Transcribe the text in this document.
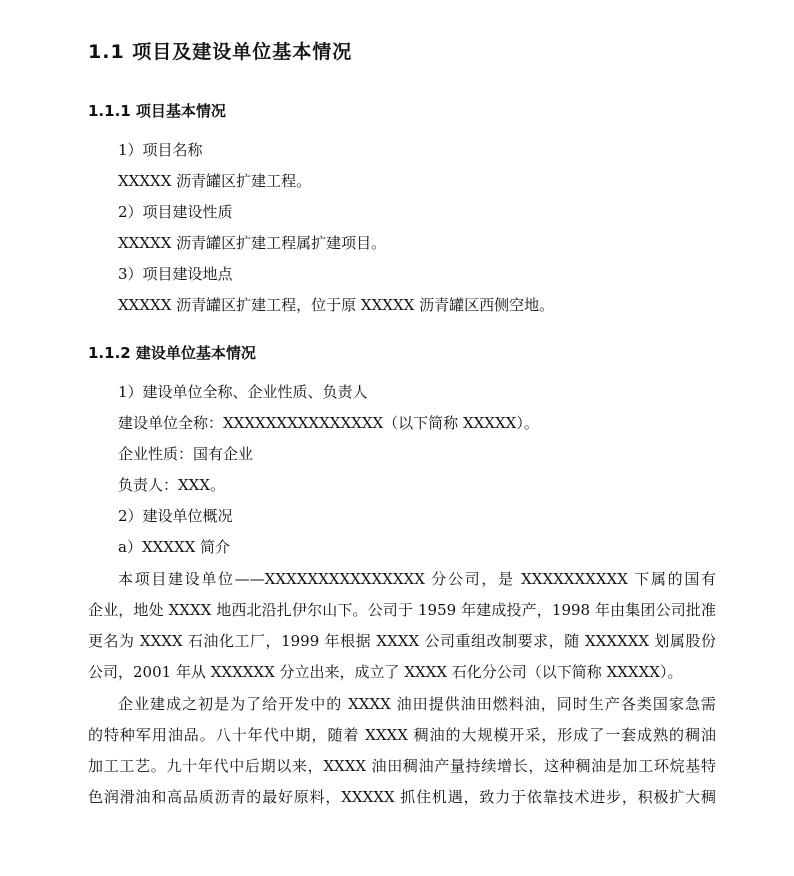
1.1 项目及建设单位基本情况
1.1.1 项目基本情况
1）项目名称
XXXXX 沥青罐区扩建工程。
2）项目建设性质
XXXXX 沥青罐区扩建工程属扩建项目。
3）项目建设地点
XXXXX 沥青罐区扩建工程，位于原 XXXXX 沥青罐区西侧空地。
1.1.2 建设单位基本情况
1）建设单位全称、企业性质、负责人
建设单位全称：XXXXXXXXXXXXXXX（以下简称 XXXXX）。
企业性质：国有企业
负责人：XXX。
2）建设单位概况
a）XXXXX 简介
本项目建设单位——XXXXXXXXXXXXXXX 分公司，是 XXXXXXXXXX 下属的国有
企业，地处 XXXX 地西北沿扎伊尔山下。公司于 1959 年建成投产，1998 年由集团公司批准
更名为 XXXX 石油化工厂，1999 年根据 XXXX 公司重组改制要求，随 XXXXXX 划属股份
公司，2001 年从 XXXXXX 分立出来，成立了 XXXX 石化分公司（以下简称 XXXXX）。
企业建成之初是为了给开发中的 XXXX 油田提供油田燃料油，同时生产各类国家急需
的特种军用油品。八十年代中期，随着 XXXX 稠油的大规模开采，形成了一套成熟的稠油
加工工艺。九十年代中后期以来，XXXX 油田稠油产量持续增长，这种稠油是加工环烷基特
色润滑油和高品质沥青的最好原料，XXXXX 抓住机遇，致力于依靠技术进步，积极扩大稠
